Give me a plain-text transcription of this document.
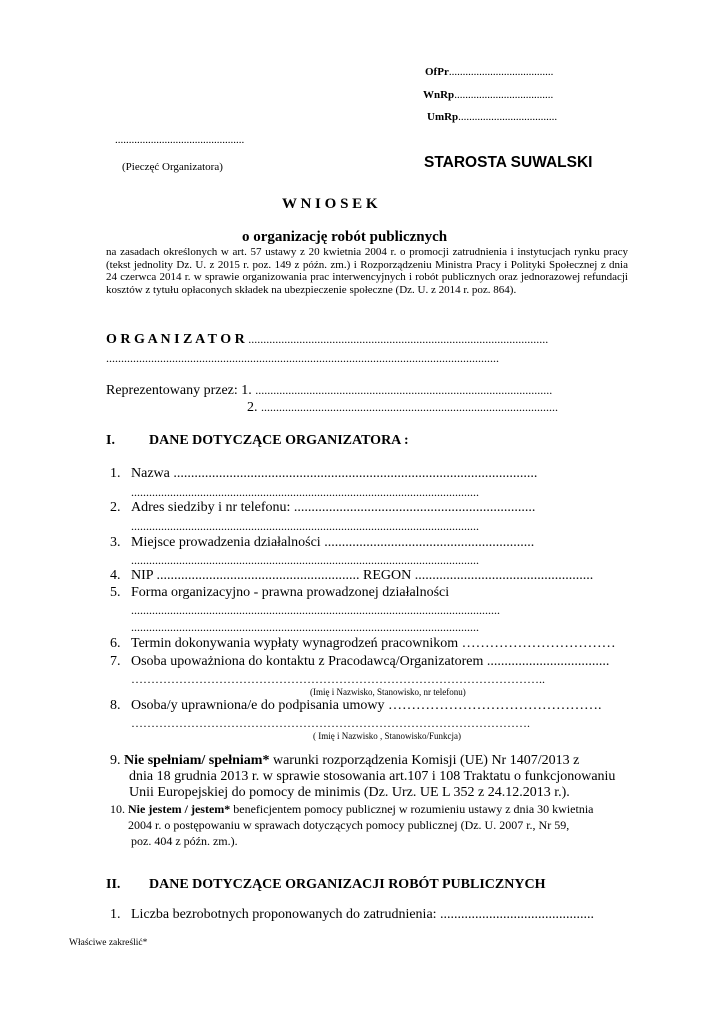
OfPr......................................
WnRp....................................
UmRp....................................
...............................................
(Pieczęć Organizatora)	STAROSTA SUWALSKI
W N I O S E K
o organizację robót publicznych
na zasadach określonych w art. 57 ustawy z 20 kwietnia 2004 r. o promocji zatrudnienia i instytucjach rynku pracy (tekst jednolity Dz. U. z 2015 r. poz. 149 z późn. zm.) i Rozporządzeniu Ministra Pracy i Polityki Społecznej z dnia 24 czerwca 2014 r. w sprawie organizowania prac interwencyjnych i robót publicznych oraz jednorazowej refundacji kosztów z tytułu opłaconych składek na ubezpieczenie społeczne (Dz. U. z 2014 r. poz. 864).
O R G A N I Z A T O R ....................................................................................................
...................................................................................................................................
Reprezentowany przez: 1. ...................................................................................................
2. ...................................................................................................
I. DANE DOTYCZĄCE ORGANIZATORA :
1. Nazwa ........................................................................................................
....................................................................................................................
2. Adres siedziby i nr telefonu: .....................................................................
....................................................................................................................
3. Miejsce prowadzenia działalności ............................................................
....................................................................................................................
4. NIP .......................................................... REGON ...................................................
5. Forma organizacyjno - prawna prowadzonej działalności
...........................................................................................................................
....................................................................................................................
6. Termin dokonywania wypłaty wynagrodzeń pracownikom ……………………………
7. Osoba upoważniona do kontaktu z Pracodawcą/Organizatorem ...................................
…………………………………………………………………………………………..
(Imię i Nazwisko, Stanowisko, nr telefonu)
8. Osoba/y uprawniona/e do podpisania umowy ……………………………………….
……………………………………………………………………………………….
( Imię i Nazwisko , Stanowisko/Funkcja)
9. Nie spełniam/ spełniam* warunki rozporządzenia Komisji (UE) Nr 1407/2013 z
dnia 18 grudnia 2013 r. w sprawie stosowania art.107 i 108 Traktatu o funkcjonowaniu
Unii Europejskiej do pomocy de minimis (Dz. Urz. UE L 352 z 24.12.2013 r.).
10. Nie jestem / jestem* beneficjentem pomocy publicznej w rozumieniu ustawy z dnia 30 kwietnia
2004 r. o postępowaniu w sprawach dotyczących pomocy publicznej (Dz. U. 2007 r., Nr 59,
poz. 404 z późn. zm.).
II. DANE DOTYCZĄCE ORGANIZACJI ROBÓT PUBLICZNYCH
1. Liczba bezrobotnych proponowanych do zatrudnienia: ............................................
Właściwe zakreślić*
